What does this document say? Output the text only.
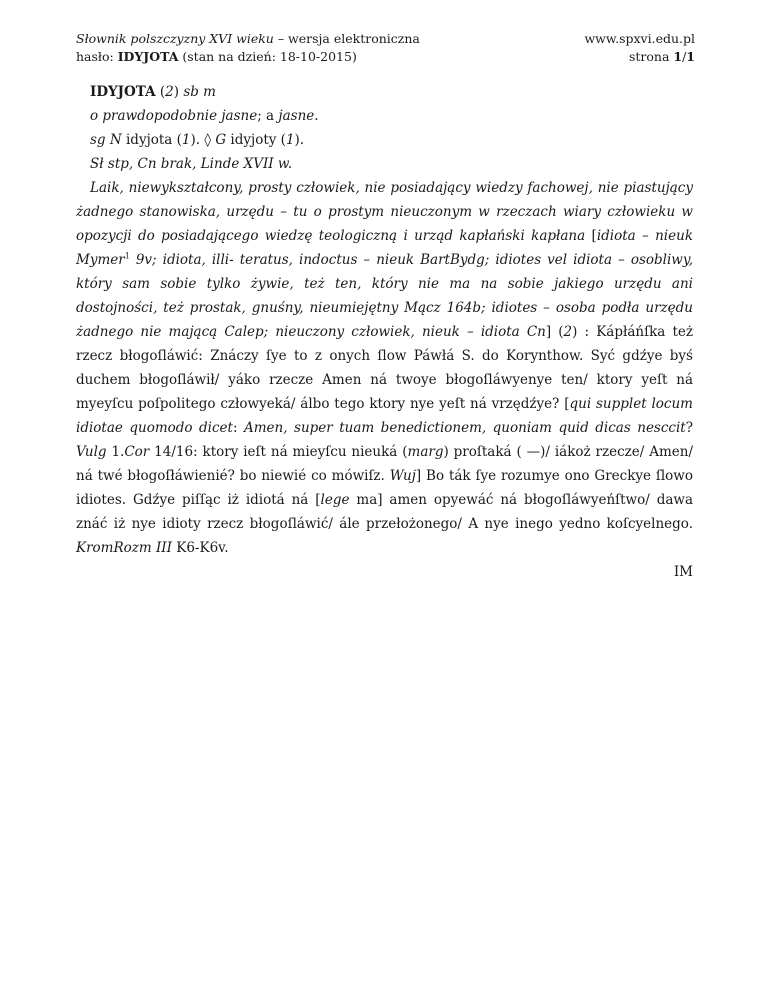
Słownik polszczyzny XVI wieku – wersja elektroniczna
hasło: IDYJOTA (stan na dzień: 18-10-2015)
www.spxvi.edu.pl
strona 1/1

IDYJOTA (2) sb m

o prawdopodobnie jasne; a jasne.

sg N idyjota (1). ◊ G idyjoty (1).

Sł stp, Cn brak, Linde XVII w.

Laik, niewykształcony, prosty człowiek, nie posiadający wiedzy fachowej, nie piastujący żadnego stanowiska, urzędu – tu o prostym nieuczonym w rzeczach wiary człowieku w opozycji do posiadającego wiedzę teologiczną i urząd kapłański kapłana [idiota – nieuk Mymer$^1$ 9v; idiota, illi- teratus, indoctus – nieuk BartBydg; idiotes vel idiota – osobliwy, który sam sobie tylko żywie, też ten, który nie ma na sobie jakiego urzędu ani dostojności, też prostak, gnuśny, nieumiejętny Mącz 164b; idiotes – osoba podła urzędu żadnego nie mającą Calep; nieuczony człowiek, nieuk – idiota Cn] (2) : Kápłáńſka też rzecz błogoſláwić: Znáczy ſye to z onych ſlow Páwłá S. do Korynthow. Syć gdźye byś duchem błogoſláwił/ yáko rzecze Amen ná twoye błogoſláwyenye ten/ ktory yeſt ná myeyſcu poſpolitego człowyeká/ álbo tego ktory nye yeſt ná vrzędźye? [qui supplet locum idiotae quomodo dicet: Amen, super tuam benedictionem, quoniam quid dicas nesccit? Vulg 1.Cor 14/16: ktory ieſt ná mieyſcu nieuká (marg) proſtaká ( —)/ iákoż rzecze/ Amen/ ná twé błogoſłáwienié? bo niewié co mówiſz. Wuj] Bo ták ſye rozumye ono Greckye ſlowo idiotes. Gdźye piſſąc iż idiotá ná [lege ma] amen opyewáć ná błogoſláwyeńſtwo/ dawa znáć iż nye idioty rzecz błogoſláwić/ ále przełożonego/ A nye inego yedno koſcyelnego. KromRozm III K6-K6v.

IM
